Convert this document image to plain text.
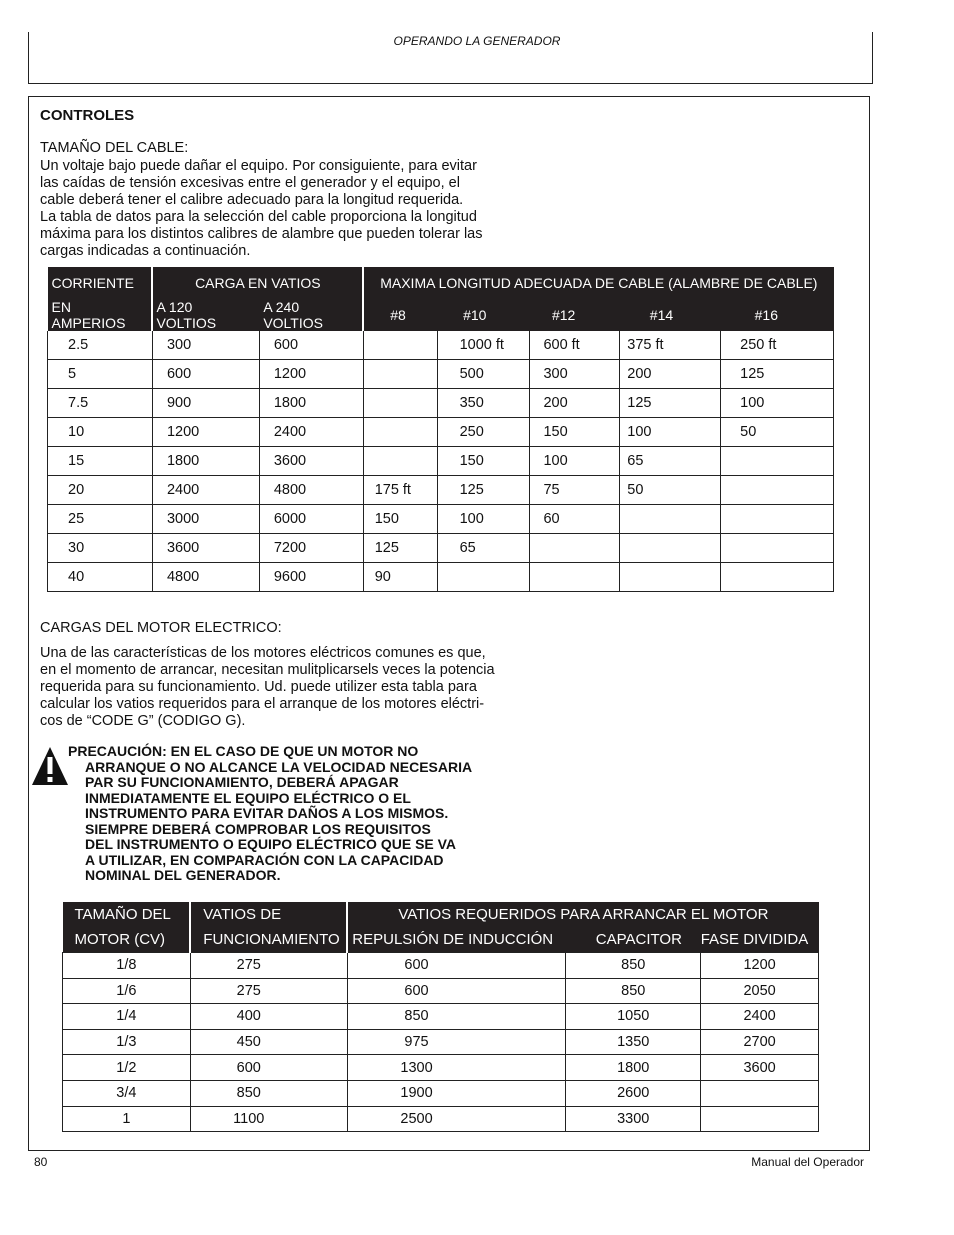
OPERANDO LA GENERADOR
CONTROLES
TAMAÑO DEL CABLE:
Un voltaje bajo puede dañar el equipo. Por consiguiente, para evitar
las caídas de tensión excesivas entre el generador y el equipo, el
cable deberá tener el calibre adecuado para la longitud requerida.
La tabla de datos para la selección del cable proporciona la longitud
máxima para los distintos calibres de alambre que pueden tolerar las
cargas indicadas a continuación.
CORRIENTE	CARGA EN VATIOS		MAXIMA LONGITUD ADECUADA DE CABLE (ALAMBRE DE CABLE)				
EN AMPERIOS	A 120 VOLTIOS	A 240 VOLTIOS	#8	#10	#12	#14	#16
2.5	300	600		1000 ft	600 ft	375 ft	250 ft
5	600	1200		500	300	200	125
7.5	900	1800		350	200	125	100
10	1200	2400		250	150	100	50
15	1800	3600		150	100	65	
20	2400	4800	175 ft	125	75	50	
25	3000	6000	150	100	60		
30	3600	7200	125	65			
40	4800	9600	90				
CARGAS DEL MOTOR ELECTRICO:
Una de las características de los motores eléctricos comunes es que,
en el momento de arrancar, necesitan mulitplicarsels veces la potencia
requerida para su funcionamiento. Ud. puede utilizer esta tabla para
calcular los vatios requeridos para el arranque de los motores eléctri-
cos de “CODE G” (CODIGO G).
PRECAUCIÓN: EN EL CASO DE QUE UN MOTOR NO
ARRANQUE O NO ALCANCE LA VELOCIDAD NECESARIA
PAR SU FUNCIONAMIENTO, DEBERÁ APAGAR
INMEDIATAMENTE EL EQUIPO ELÉCTRICO O EL
INSTRUMENTO PARA EVITAR DAÑOS A LOS MISMOS.
SIEMPRE DEBERÁ COMPROBAR LOS REQUISITOS
DEL INSTRUMENTO O EQUIPO ELÉCTRICO QUE SE VA
A UTILIZAR, EN COMPARACIÓN CON LA CAPACIDAD
NOMINAL DEL GENERADOR.
TAMAÑO DEL	VATIOS DE	VATIOS REQUERIDOS PARA ARRANCAR EL MOTOR		
MOTOR (CV)	FUNCIONAMIENTO	REPULSIÓN DE INDUCCIÓN	CAPACITOR	FASE DIVIDIDA
1/8	275	600	850	1200
1/6	275	600	850	2050
1/4	400	850	1050	2400
1/3	450	975	1350	2700
1/2	600	1300	1800	3600
3/4	850	1900	2600	
1	1100	2500	3300	
80	Manual del Operador
